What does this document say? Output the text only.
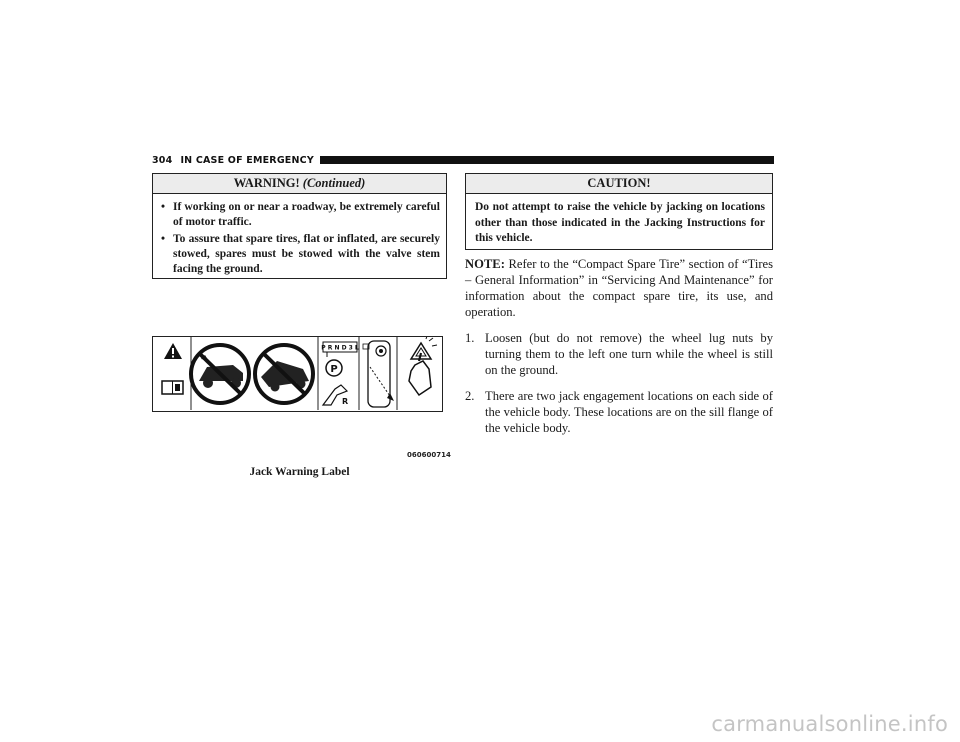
304 IN CASE OF EMERGENCY
WARNING! (Continued)
• If working on or near a roadway, be extremely careful of motor traffic.
• To assure that spare tires, flat or inflated, are securely stowed, spares must be stowed with the valve stem facing the ground.
P R N D 3 L
P
R
060600714
Jack Warning Label
CAUTION!
Do not attempt to raise the vehicle by jacking on locations other than those indicated in the Jacking Instructions for this vehicle.

NOTE: Refer to the “Compact Spare Tire” section of “Tires – General Information” in “Servicing And Maintenance” for information about the compact spare tire, its use, and operation.

1. Loosen (but do not remove) the wheel lug nuts by turning them to the left one turn while the wheel is still on the ground.
2. There are two jack engagement locations on each side of the vehicle body. These locations are on the sill flange of the vehicle body.
carmanualsonline.info
